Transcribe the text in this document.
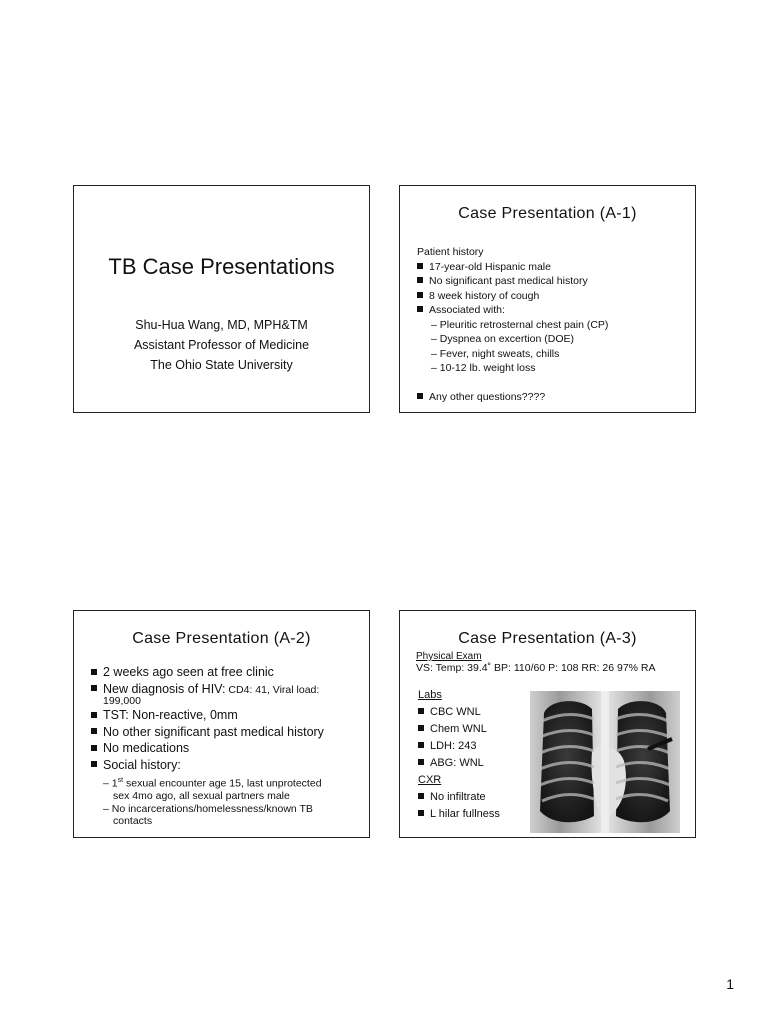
TB Case Presentations
Shu-Hua Wang, MD, MPH&TM
Assistant Professor of Medicine
The Ohio State University
Case Presentation (A-1)
Patient history
17-year-old Hispanic male
No significant past medical history
8 week history of cough
Associated with:
– Pleuritic retrosternal chest pain (CP)
– Dyspnea on excertion (DOE)
– Fever, night sweats, chills
– 10-12 lb. weight loss
Any other questions????
Case Presentation (A-2)
2 weeks ago seen at free clinic
New diagnosis of HIV: CD4: 41, Viral load:
199,000
TST: Non-reactive, 0mm
No other significant past medical history
No medications
Social history:
– 1st sexual encounter age 15, last unprotected
sex 4mo ago, all sexual partners male
– No incarcerations/homelessness/known TB
contacts
Case Presentation (A-3)
Physical Exam
VS: Temp: 39.4˚ BP: 110/60 P: 108 RR: 26 97% RA
Labs
CBC WNL
Chem WNL
LDH: 243
ABG: WNL
CXR
No infiltrate
L hilar fullness
1
